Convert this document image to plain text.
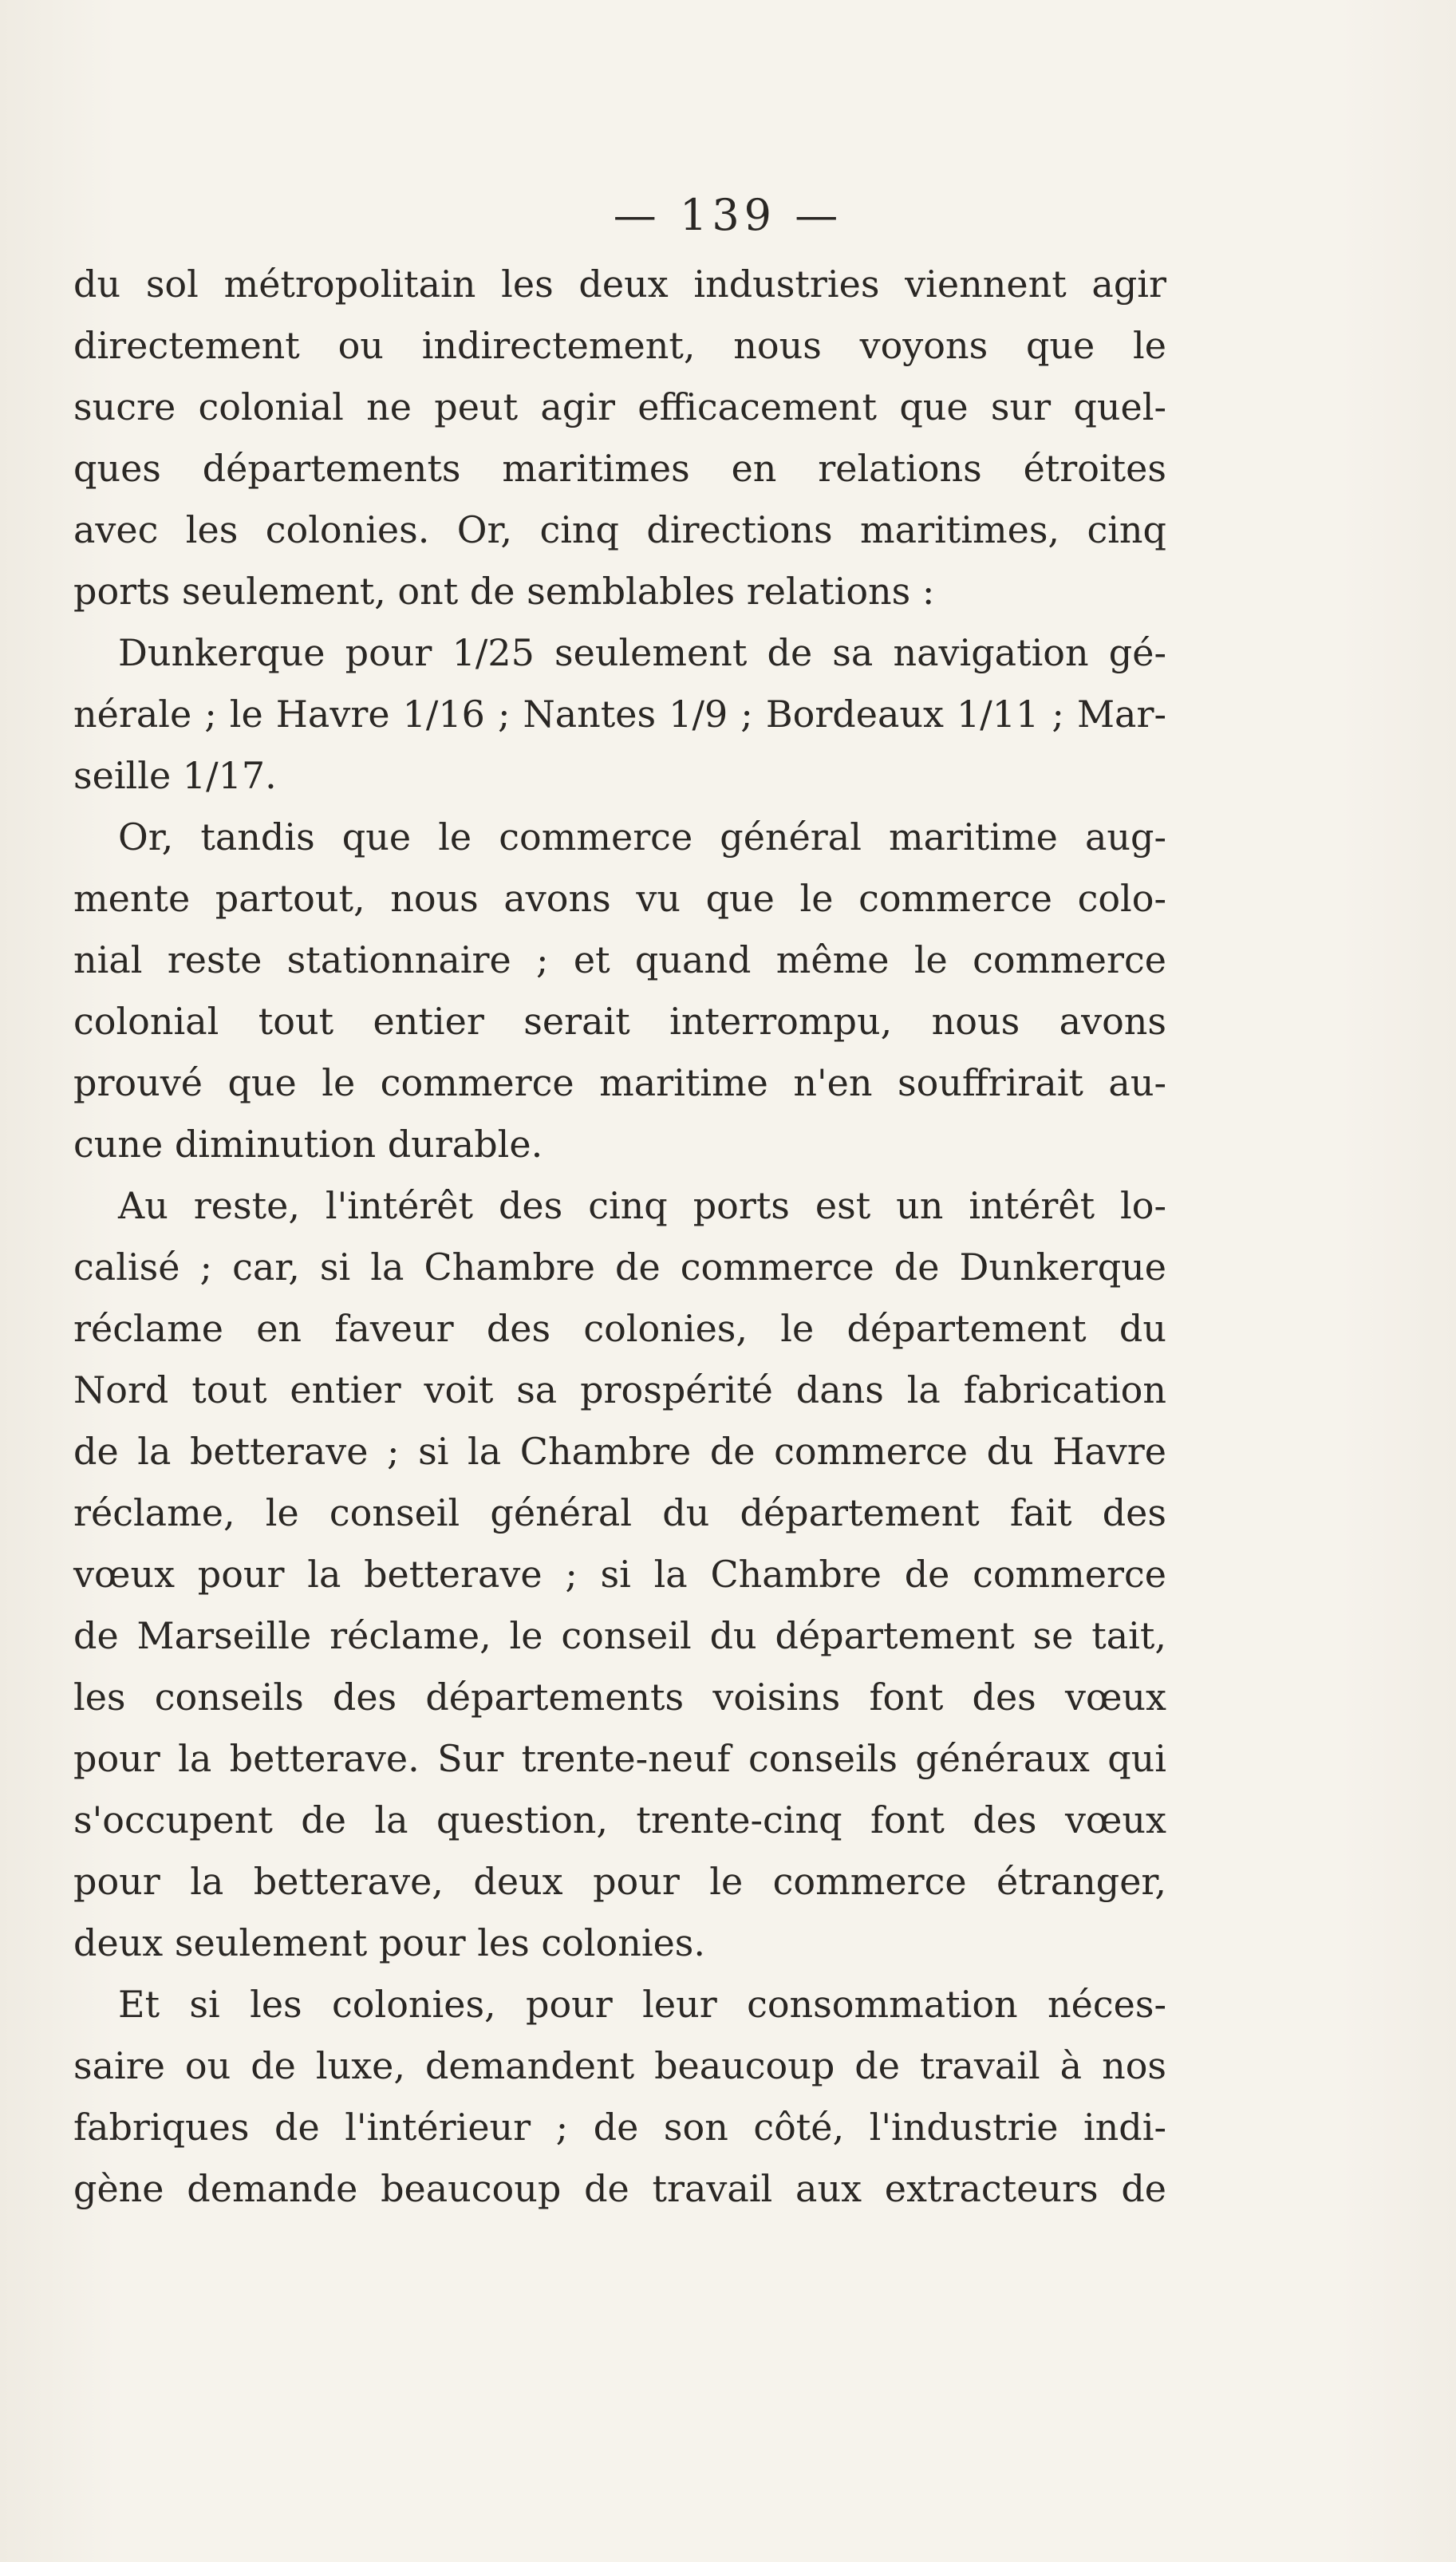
— 139 —
du sol métropolitain les deux industries viennent agir
directement ou indirectement, nous voyons que le
sucre colonial ne peut agir efficacement que sur quel-
ques départements maritimes en relations étroites
avec les colonies. Or, cinq directions maritimes, cinq
ports seulement, ont de semblables relations :
Dunkerque pour 1/25 seulement de sa navigation gé-
nérale ; le Havre 1/16 ; Nantes 1/9 ; Bordeaux 1/11 ; Mar-
seille 1/17.
Or, tandis que le commerce général maritime aug-
mente partout, nous avons vu que le commerce colo-
nial reste stationnaire ; et quand même le commerce
colonial tout entier serait interrompu, nous avons
prouvé que le commerce maritime n'en souffrirait au-
cune diminution durable.
Au reste, l'intérêt des cinq ports est un intérêt lo-
calisé ; car, si la Chambre de commerce de Dunkerque
réclame en faveur des colonies, le département du
Nord tout entier voit sa prospérité dans la fabrication
de la betterave ; si la Chambre de commerce du Havre
réclame, le conseil général du département fait des
vœux pour la betterave ; si la Chambre de commerce
de Marseille réclame, le conseil du département se tait,
les conseils des départements voisins font des vœux
pour la betterave. Sur trente-neuf conseils généraux qui
s'occupent de la question, trente-cinq font des vœux
pour la betterave, deux pour le commerce étranger,
deux seulement pour les colonies.
Et si les colonies, pour leur consommation néces-
saire ou de luxe, demandent beaucoup de travail à nos
fabriques de l'intérieur ; de son côté, l'industrie indi-
gène demande beaucoup de travail aux extracteurs de
